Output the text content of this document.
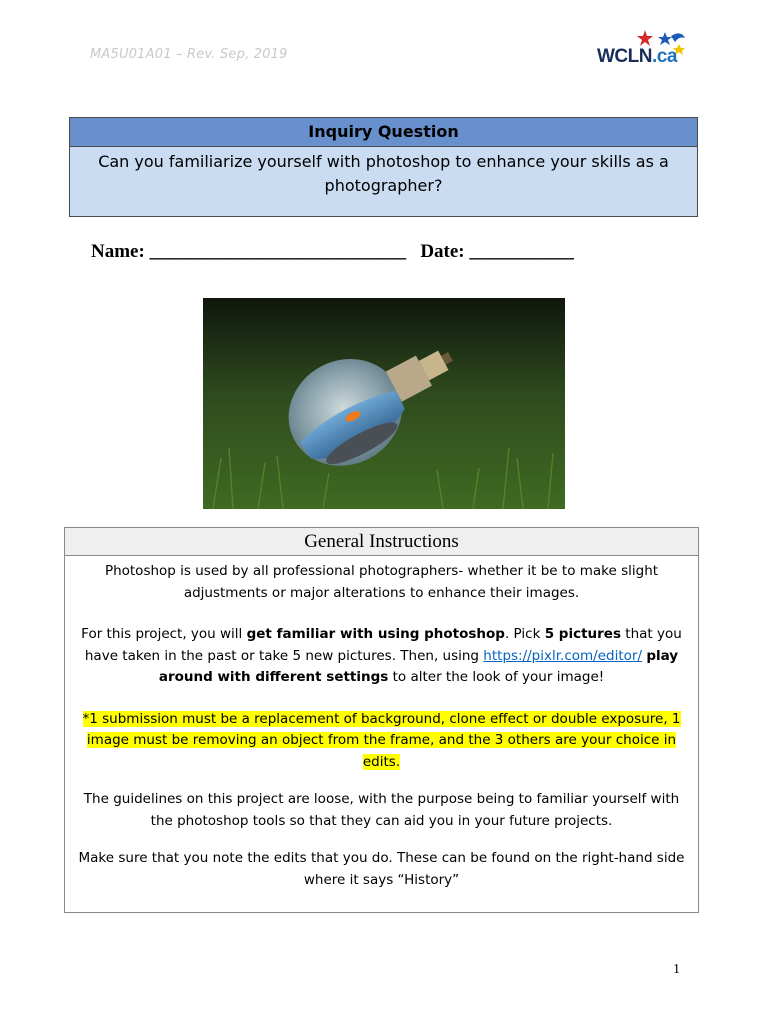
MA5U01A01 – Rev. Sep, 2019	WCLN.ca
Inquiry Question
Can you familiarize yourself with photoshop to enhance your skills as a photographer?
Name: ___________________________ Date: ___________
General Instructions

Photoshop is used by all professional photographers- whether it be to make slight adjustments or major alterations to enhance their images.

For this project, you will get familiar with using photoshop. Pick 5 pictures that you have taken in the past or take 5 new pictures. Then, using https://pixlr.com/editor/ play around with different settings to alter the look of your image!

*1 submission must be a replacement of background, clone effect or double exposure, 1 image must be removing an object from the frame, and the 3 others are your choice in edits.

The guidelines on this project are loose, with the purpose being to familiar yourself with the photoshop tools so that they can aid you in your future projects.

Make sure that you note the edits that you do. These can be found on the right-hand side where it says “History”

1
